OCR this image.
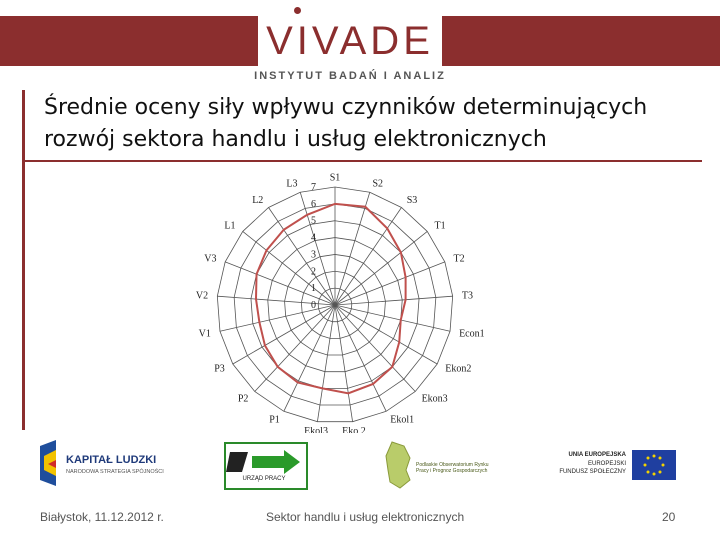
VIVADE
INSTYTUT BADAŃ I ANALIZ
Średnie oceny siły wpływu czynników determinujących
rozwój sektora handlu i usług elektronicznych
0
1
2
3
4
5
6
7
S1
S2
S3
T1
T2
T3
Econ1
Ekon2
Ekon3
Ekol1
Eko 2
Ekol3
P1
P2
P3
V1
V2
V3
L1
L2
L3
KAPITAŁ LUDZKI
NARODOWA STRATEGIA SPÓJNOŚCI
URZĄD PRACY
Podlaskie Obserwatorium Rynku Pracy i Prognoz Gospodarczych
UNIA EUROPEJSKA
EUROPEJSKI
FUNDUSZ SPOŁECZNY
Białystok, 11.12.2012 r.	Sektor handlu i usług elektronicznych	20
